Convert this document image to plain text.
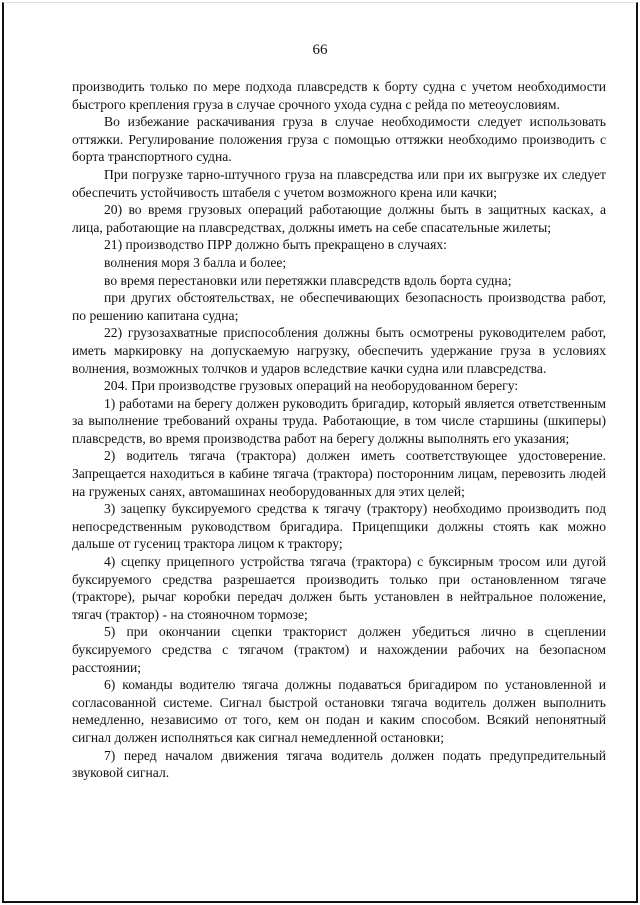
66

производить только по мере подхода плавсредств к борту судна с учетом необходимости быстрого крепления груза в случае срочного ухода судна с рейда по метеоусловиям.

Во избежание раскачивания груза в случае необходимости следует использовать оттяжки. Регулирование положения груза с помощью оттяжки необходимо производить с борта транспортного судна.

При погрузке тарно-штучного груза на плавсредства или при их выгрузке их следует обеспечить устойчивость штабеля с учетом возможного крена или качки;

20) во время грузовых операций работающие должны быть в защитных касках, а лица, работающие на плавсредствах, должны иметь на себе спасательные жилеты;

21) производство ПРР должно быть прекращено в случаях:

волнения моря 3 балла и более;

во время перестановки или перетяжки плавсредств вдоль борта судна;

при других обстоятельствах, не обеспечивающих безопасность производства работ, по решению капитана судна;

22) грузозахватные приспособления должны быть осмотрены руководителем работ, иметь маркировку на допускаемую нагрузку, обеспечить удержание груза в условиях волнения, возможных толчков и ударов вследствие качки судна или плавсредства.

204. При производстве грузовых операций на необорудованном берегу:

1) работами на берегу должен руководить бригадир, который является ответственным за выполнение требований охраны труда. Работающие, в том числе старшины (шкиперы) плавсредств, во время производства работ на берегу должны выполнять его указания;

2) водитель тягача (трактора) должен иметь соответствующее удостоверение. Запрещается находиться в кабине тягача (трактора) посторонним лицам, перевозить людей на груженых санях, автомашинах необорудованных для этих целей;

3) зацепку буксируемого средства к тягачу (трактору) необходимо производить под непосредственным руководством бригадира. Прицепщики должны стоять как можно дальше от гусениц трактора лицом к трактору;

4) сцепку прицепного устройства тягача (трактора) с буксирным тросом или дугой буксируемого средства разрешается производить только при остановленном тягаче (тракторе), рычаг коробки передач должен быть установлен в нейтральное положение, тягач (трактор) - на стояночном тормозе;

5) при окончании сцепки тракторист должен убедиться лично в сцеплении буксируемого средства с тягачом (трактом) и нахождении рабочих на безопасном расстоянии;

6) команды водителю тягача должны подаваться бригадиром по установленной и согласованной системе. Сигнал быстрой остановки тягача водитель должен выполнить немедленно, независимо от того, кем он подан и каким способом. Всякий непонятный сигнал должен исполняться как сигнал немедленной остановки;

7) перед началом движения тягача водитель должен подать предупредительный звуковой сигнал.
